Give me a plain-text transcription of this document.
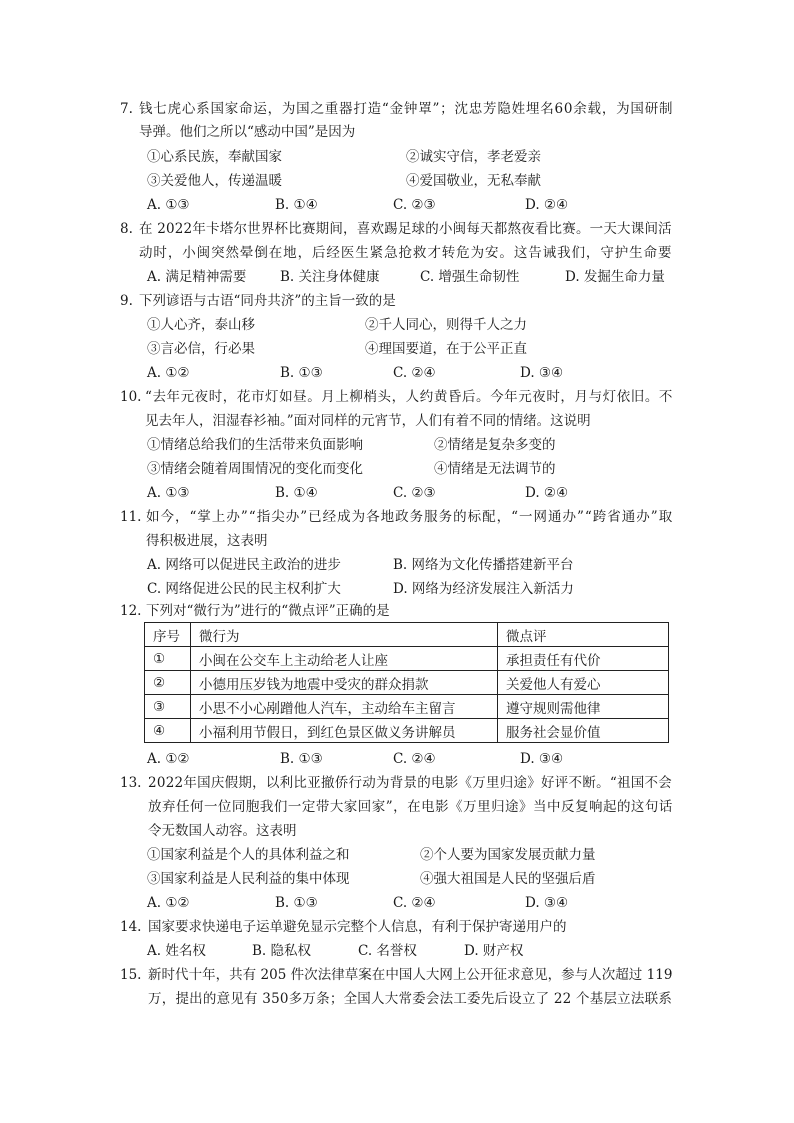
7. 钱七虎心系国家命运，为国之重器打造“金钟罩”；沈忠芳隐姓埋名60余载，为国研制
导弹。他们之所以“感动中国”是因为
①心系民族，奉献国家	②诚实守信，孝老爱亲
③关爱他人，传递温暖	④爱国敬业，无私奉献
A. ①③	B. ①④	C. ②③	D. ②④
8. 在 2022年卡塔尔世界杯比赛期间，喜欢踢足球的小闽每天都熬夜看比赛。一天大课间活
动时，小闽突然晕倒在地，后经医生紧急抢救才转危为安。这告诫我们，守护生命要
A. 满足精神需要 B. 关注身体健康	C. 增强生命韧性	D. 发掘生命力量
9. 下列谚语与古语“同舟共济”的主旨一致的是
①人心齐，泰山移	②千人同心，则得千人之力
③言必信，行必果	④理国要道，在于公平正直
A. ①②	B. ①③	C. ②④	D. ③④
10. “去年元夜时，花市灯如昼。月上柳梢头，人约黄昏后。今年元夜时，月与灯依旧。不
见去年人，泪湿春衫袖。”面对同样的元宵节，人们有着不同的情绪。这说明
①情绪总给我们的生活带来负面影响	②情绪是复杂多变的
③情绪会随着周围情况的变化而变化	④情绪是无法调节的
A. ①③	B. ①④	C. ②③	D. ②④
11. 如今，“掌上办”“指尖办”已经成为各地政务服务的标配，“一网通办”“跨省通办”取
得积极进展，这表明
A. 网络可以促进民主政治的进步	B. 网络为文化传播搭建新平台
C. 网络促进公民的民主权利扩大	D. 网络为经济发展注入新活力
12. 下列对“微行为”进行的“微点评”正确的是
序号	微行为	微点评
①	小闽在公交车上主动给老人让座	承担责任有代价
②	小德用压岁钱为地震中受灾的群众捐款	关爱他人有爱心
③	小思不小心剐蹭他人汽车，主动给车主留言	遵守规则需他律
④	小福利用节假日，到红色景区做义务讲解员	服务社会显价值
A. ①②	B. ①③	C. ②④	D. ③④
13. 2022年国庆假期，以利比亚撤侨行动为背景的电影《万里归途》好评不断。“祖国不会
放弃任何一位同胞我们一定带大家回家”，在电影《万里归途》当中反复响起的这句话
令无数国人动容。这表明
①国家利益是个人的具体利益之和	②个人要为国家发展贡献力量
③国家利益是人民利益的集中体现	④强大祖国是人民的坚强后盾
A. ①②	B. ①③	C. ②④	D. ③④
14. 国家要求快递电子运单避免显示完整个人信息，有利于保护寄递用户的
A. 姓名权	B. 隐私权	C. 名誉权	D. 财产权
15. 新时代十年，共有 205 件次法律草案在中国人大网上公开征求意见，参与人次超过 119
万，提出的意见有 350多万条；全国人大常委会法工委先后设立了 22 个基层立法联系
